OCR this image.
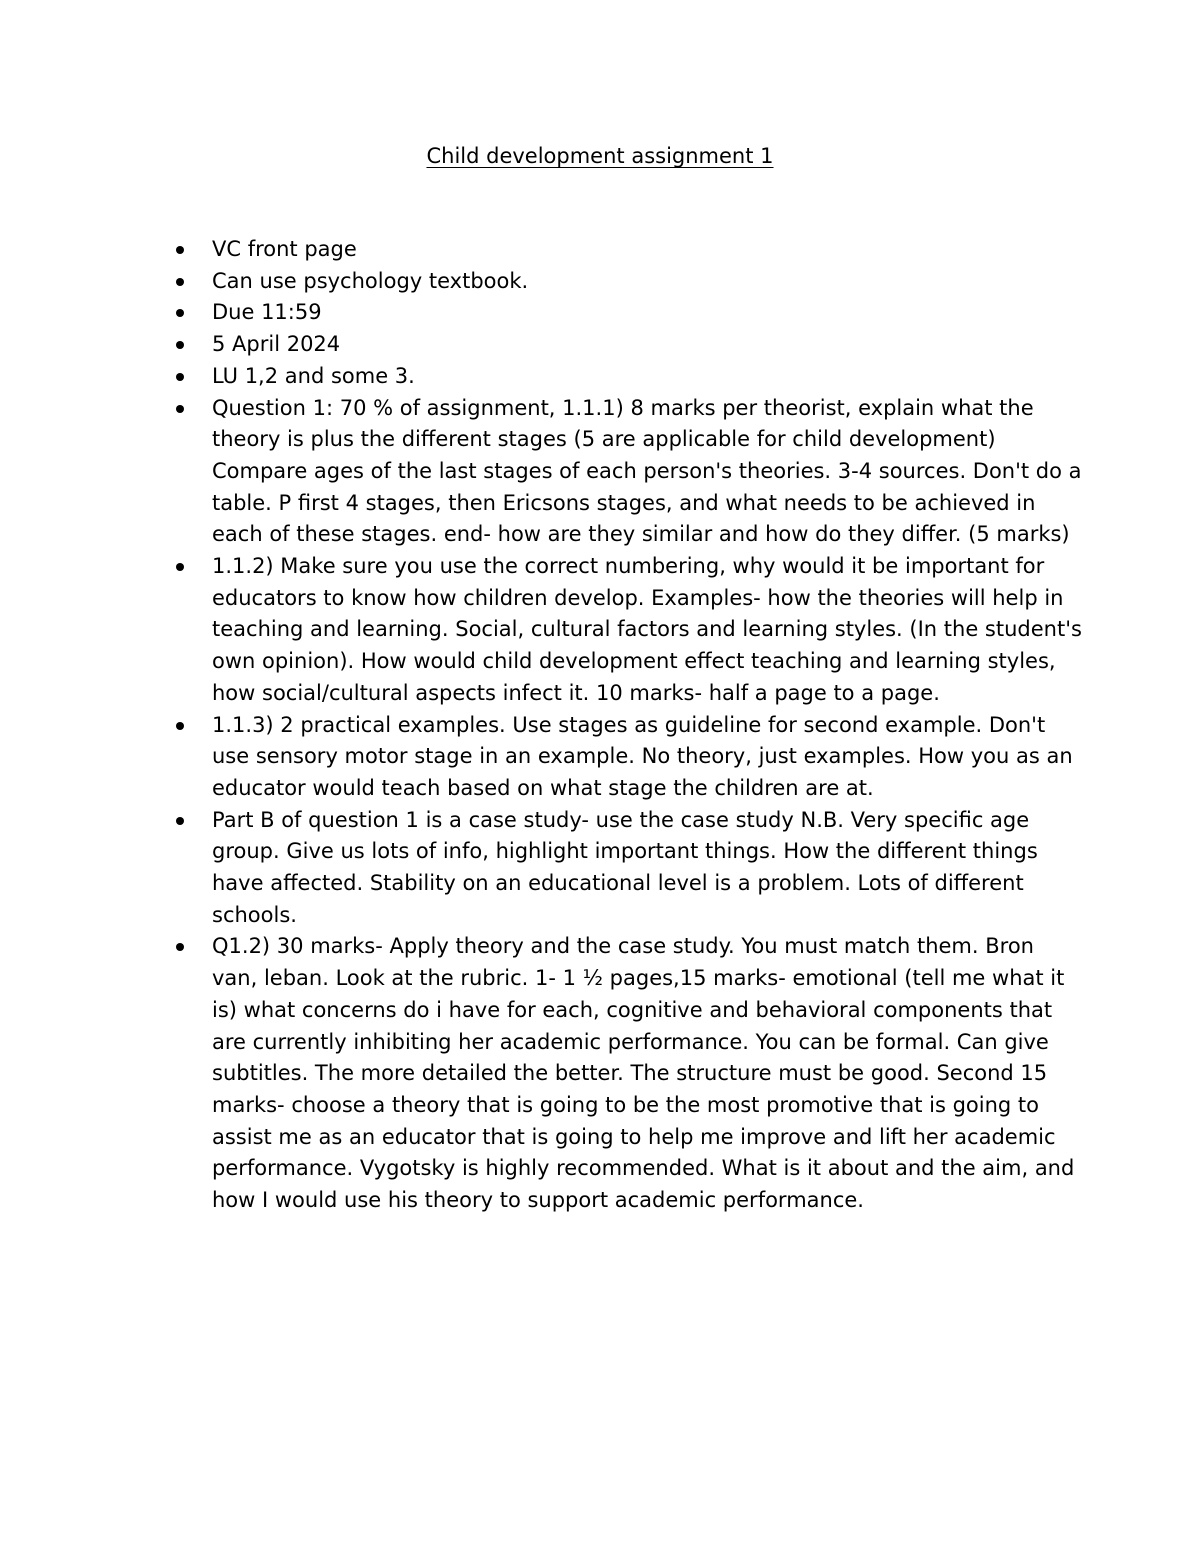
Child development assignment 1
VC front page
Can use psychology textbook.
Due 11:59
5 April 2024
LU 1,2 and some 3.
Question 1: 70 % of assignment, 1.1.1) 8 marks per theorist, explain what the theory is plus the different stages (5 are applicable for child development) Compare ages of the last stages of each person's theories. 3-4 sources. Don't do a table. P first 4 stages, then Ericsons stages, and what needs to be achieved in each of these stages. end- how are they similar and how do they differ. (5 marks)
1.1.2) Make sure you use the correct numbering, why would it be important for educators to know how children develop. Examples- how the theories will help in teaching and learning. Social, cultural factors and learning styles. (In the student's own opinion). How would child development effect teaching and learning styles, how social/cultural aspects infect it. 10 marks- half a page to a page.
1.1.3) 2 practical examples. Use stages as guideline for second example. Don't use sensory motor stage in an example. No theory, just examples. How you as an educator would teach based on what stage the children are at.
Part B of question 1 is a case study- use the case study N.B. Very specific age group. Give us lots of info, highlight important things. How the different things have affected. Stability on an educational level is a problem. Lots of different schools.
Q1.2) 30 marks- Apply theory and the case study. You must match them. Bron van, leban. Look at the rubric. 1- 1 ½ pages,15 marks- emotional (tell me what it is) what concerns do i have for each, cognitive and behavioral components that are currently inhibiting her academic performance. You can be formal. Can give subtitles. The more detailed the better. The structure must be good. Second 15 marks- choose a theory that is going to be the most promotive that is going to assist me as an educator that is going to help me improve and lift her academic performance. Vygotsky is highly recommended. What is it about and the aim, and how I would use his theory to support academic performance.
